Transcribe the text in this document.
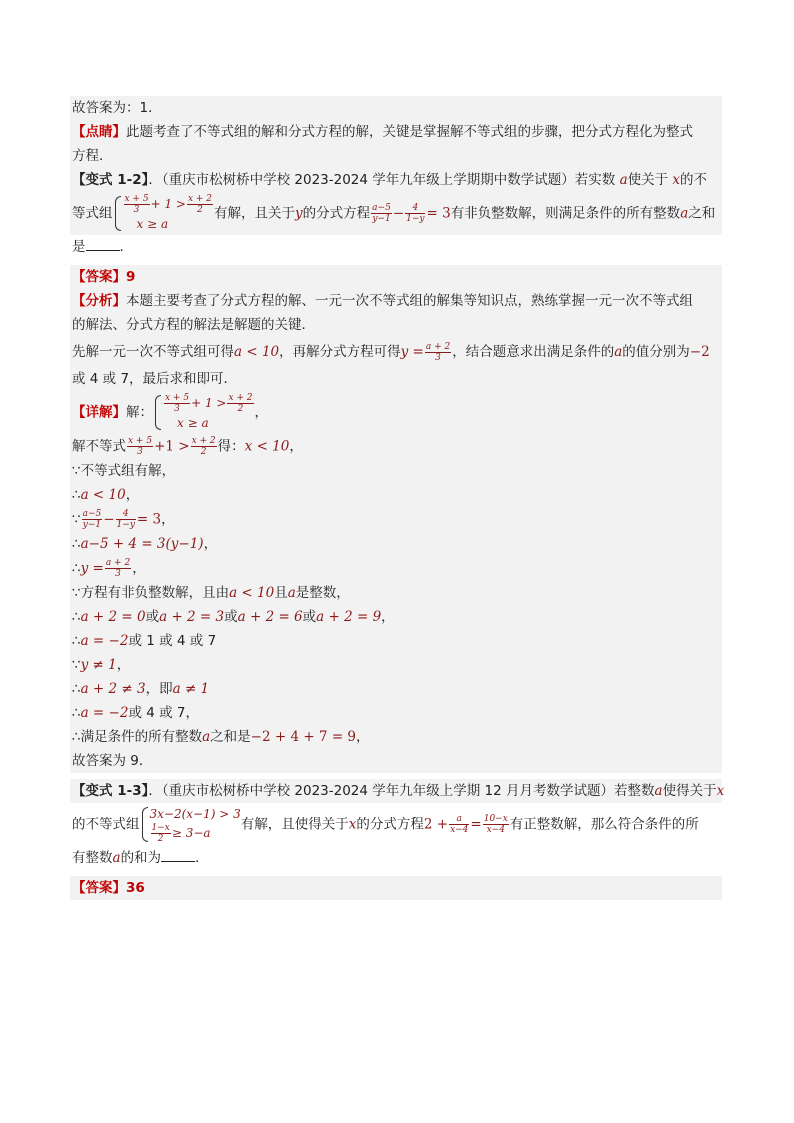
故答案为：1．

【点睛】此题考查了不等式组的解和分式方程的解，关键是掌握解不等式组的步骤，把分式方程化为整式

方程．

【变式 1-2】．（重庆市松树桥中学校 2023-2024 学年九年级上学期期中数学试题）若实数 a使关于 x的不

等式组 $\frac{x + 5}{3} + 1 > \frac{x + 2}{2}$
x ≥ a
有解，且关于y的分式方程 $\frac{a-5}{y-1} - \frac{4}{1-y} = 3$有非负整数解，则满足条件的所有整数a之和

是	．

【答案】9

【分析】本题主要考查了分式方程的解、一元一次不等式组的解集等知识点，熟练掌握一元一次不等式组

的解法、分式方程的解法是解题的关键．

先解一元一次不等式组可得a < 10，再解分式方程可得$y = \frac{a + 2}{3}$ ，结合题意求出满足条件的a的值分别为−2

或 4 或 7，最后求和即可．

【详解】解： $\frac{x + 5}{3} + 1 > \frac{x + 2}{2}$
x ≥ a
，

解不等式 $\frac{x + 5}{3} +1 > \frac{x + 2}{2}$ 得：x < 10，

∵不等式组有解，

∴a < 10，

∵ $\frac{a-5}{y-1} - \frac{4}{1-y} = 3$，

∴a−5 + 4 = 3(y−1)，

∴y = $\frac{a + 2}{3}$ ，

∵方程有非负整数解，且由a < 10且a是整数，

∴a + 2 = 0或a + 2 = 3或a + 2 = 6或a + 2 = 9，

∴a = −2或 1 或 4 或 7

∵y ≠ 1，

∴a + 2 ≠ 3，即a ≠ 1

∴a = −2或 4 或 7，

∴满足条件的所有整数a之和是−2 + 4 + 7 = 9，

故答案为 9．

【变式 1-3】．（重庆市松树桥中学校 2023-2024 学年九年级上学期 12 月月考数学试题）若整数a使得关于x

的不等式组
3x−2(x−1) > 3
$\frac{1-x}{2} \ge 3-a$
有解，且使得关于x的分式方程$2 + \frac{a}{x-4} = \frac{10-x}{x-4}$ 有正整数解，那么符合条件的所

有整数a的和为	．

【答案】36
